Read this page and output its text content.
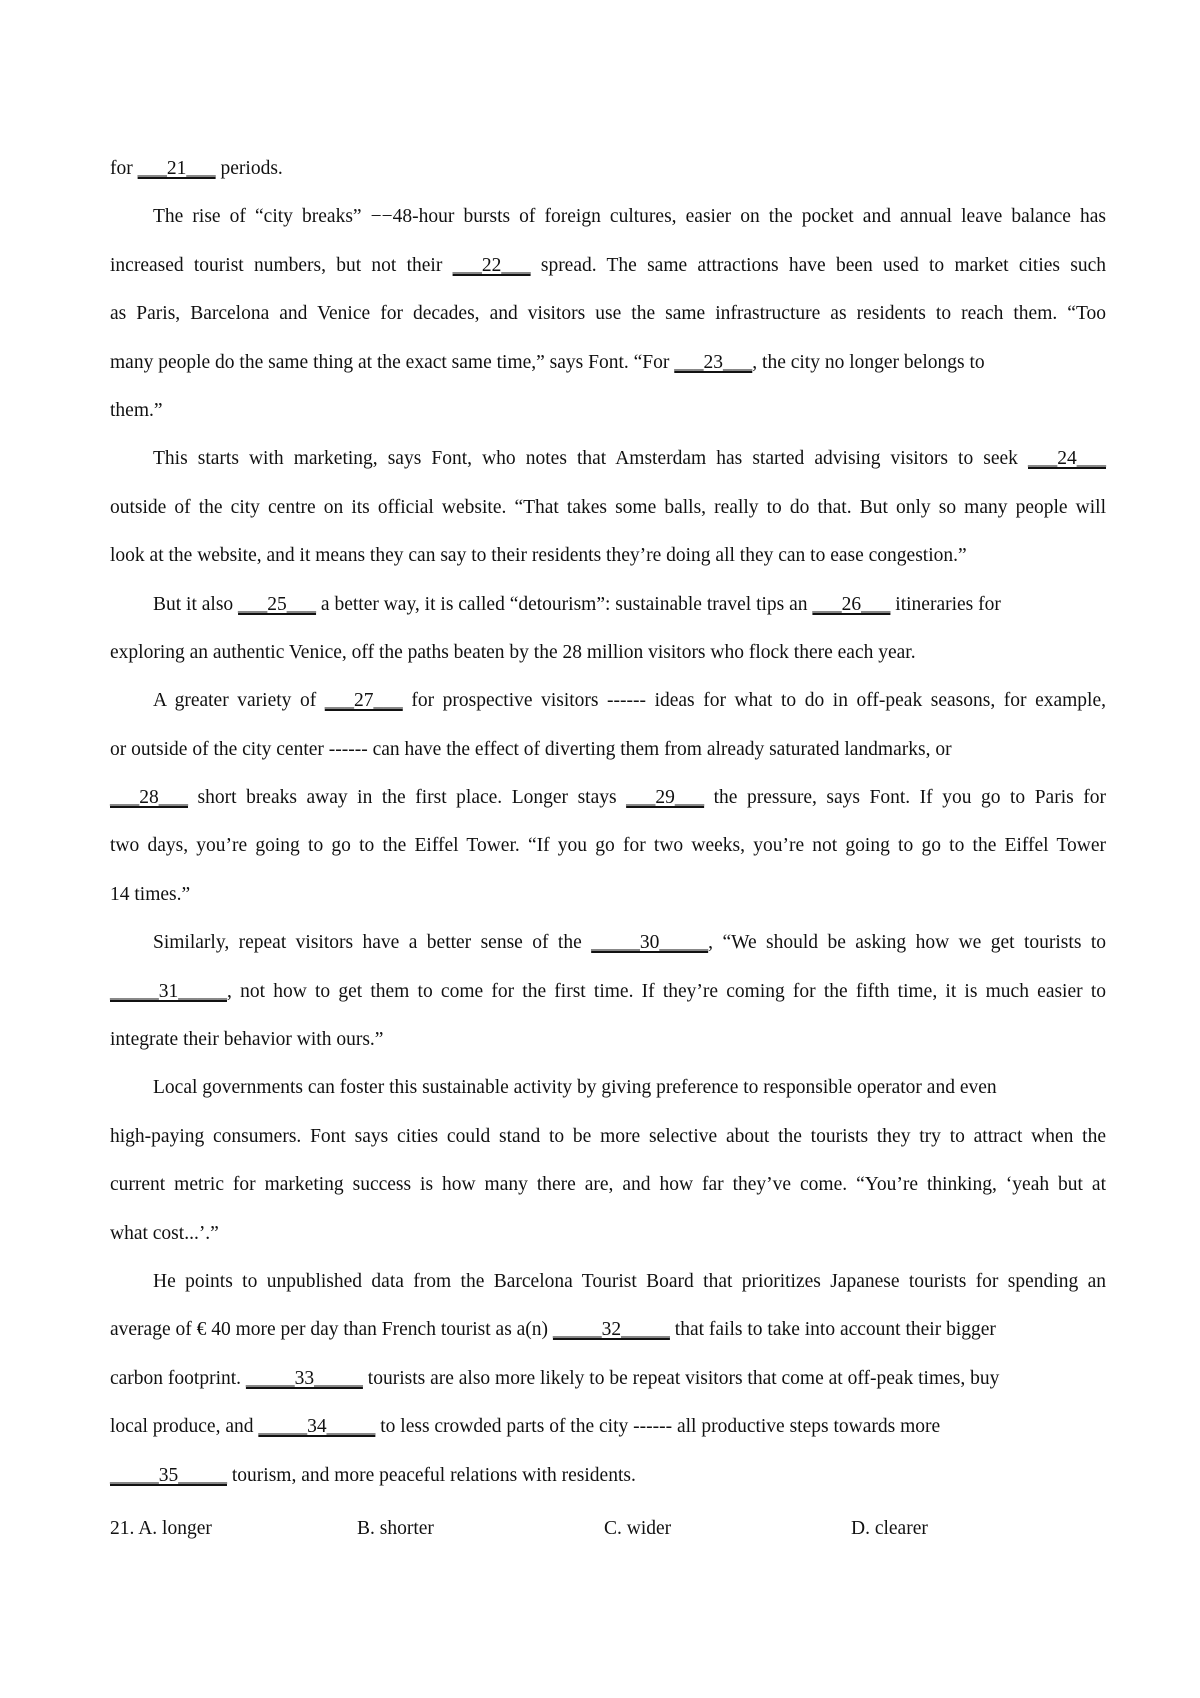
for ___21___ periods.
The rise of “city breaks” −−48-hour bursts of foreign cultures, easier on the pocket and annual leave balance has
increased tourist numbers, but not their ___22___ spread. The same attractions have been used to market cities such
as Paris, Barcelona and Venice for decades, and visitors use the same infrastructure as residents to reach them. “Too
many people do the same thing at the exact same time,” says Font. “For ___23___, the city no longer belongs to
them.”
This starts with marketing, says Font, who notes that Amsterdam has started advising visitors to seek ___24___
outside of the city centre on its official website. “That takes some balls, really to do that. But only so many people will
look at the website, and it means they can say to their residents they’re doing all they can to ease congestion.”
But it also ___25___ a better way, it is called “detourism”: sustainable travel tips an ___26___ itineraries for
exploring an authentic Venice, off the paths beaten by the 28 million visitors who flock there each year.
A greater variety of ___27___ for prospective visitors ------ ideas for what to do in off-peak seasons, for example,
or outside of the city center ------ can have the effect of diverting them from already saturated landmarks, or
___28___ short breaks away in the first place. Longer stays ___29___ the pressure, says Font. If you go to Paris for
two days, you’re going to go to the Eiffel Tower. “If you go for two weeks, you’re not going to go to the Eiffel Tower
14 times.”
Similarly, repeat visitors have a better sense of the _____30_____, “We should be asking how we get tourists to
_____31_____, not how to get them to come for the first time. If they’re coming for the fifth time, it is much easier to
integrate their behavior with ours.”
Local governments can foster this sustainable activity by giving preference to responsible operator and even
high-paying consumers. Font says cities could stand to be more selective about the tourists they try to attract when the
current metric for marketing success is how many there are, and how far they’ve come. “You’re thinking, ‘yeah but at
what cost...’.”
He points to unpublished data from the Barcelona Tourist Board that prioritizes Japanese tourists for spending an
average of € 40 more per day than French tourist as a(n) _____32_____ that fails to take into account their bigger
carbon footprint. _____33_____ tourists are also more likely to be repeat visitors that come at off-peak times, buy
local produce, and _____34_____ to less crowded parts of the city ------ all productive steps towards more
_____35_____ tourism, and more peaceful relations with residents.
21. A. longer	B. shorter	C. wider	D. clearer
